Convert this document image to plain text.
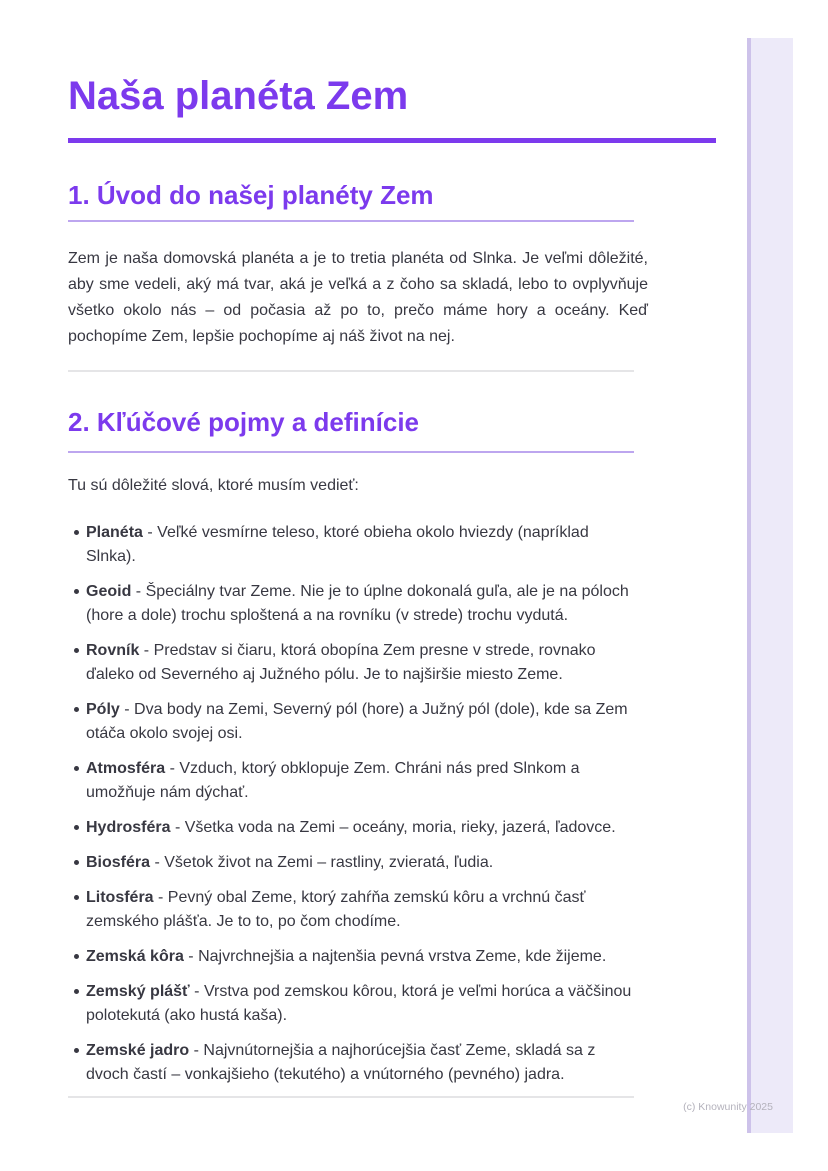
Naša planéta Zem
1. Úvod do našej planéty Zem

Zem je naša domovská planéta a je to tretia planéta od Slnka. Je veľmi dôležité, aby sme vedeli, aký má tvar, aká je veľká a z čoho sa skladá, lebo to ovplyvňuje všetko okolo nás – od počasia až po to, prečo máme hory a oceány. Keď pochopíme Zem, lepšie pochopíme aj náš život na nej.

2. Kľúčové pojmy a definície

Tu sú dôležité slová, ktoré musím vedieť:

Planéta - Veľké vesmírne teleso, ktoré obieha okolo hviezdy (napríklad Slnka).
Geoid - Špeciálny tvar Zeme. Nie je to úplne dokonalá guľa, ale je na póloch (hore a dole) trochu sploštená a na rovníku (v strede) trochu vydutá.
Rovník - Predstav si čiaru, ktorá obopína Zem presne v strede, rovnako ďaleko od Severného aj Južného pólu. Je to najširšie miesto Zeme.
Póly - Dva body na Zemi, Severný pól (hore) a Južný pól (dole), kde sa Zem otáča okolo svojej osi.
Atmosféra - Vzduch, ktorý obklopuje Zem. Chráni nás pred Slnkom a umožňuje nám dýchať.
Hydrosféra - Všetka voda na Zemi – oceány, moria, rieky, jazerá, ľadovce.
Biosféra - Všetok život na Zemi – rastliny, zvieratá, ľudia.
Litosféra - Pevný obal Zeme, ktorý zahŕňa zemskú kôru a vrchnú časť zemského plášťa. Je to to, po čom chodíme.
Zemská kôra - Najvrchnejšia a najtenšia pevná vrstva Zeme, kde žijeme.
Zemský plášť - Vrstva pod zemskou kôrou, ktorá je veľmi horúca a väčšinou polotekutá (ako hustá kaša).
Zemské jadro - Najvnútornejšia a najhorúcejšia časť Zeme, skladá sa z dvoch častí – vonkajšieho (tekutého) a vnútorného (pevného) jadra.
(c) Knowunity 2025
